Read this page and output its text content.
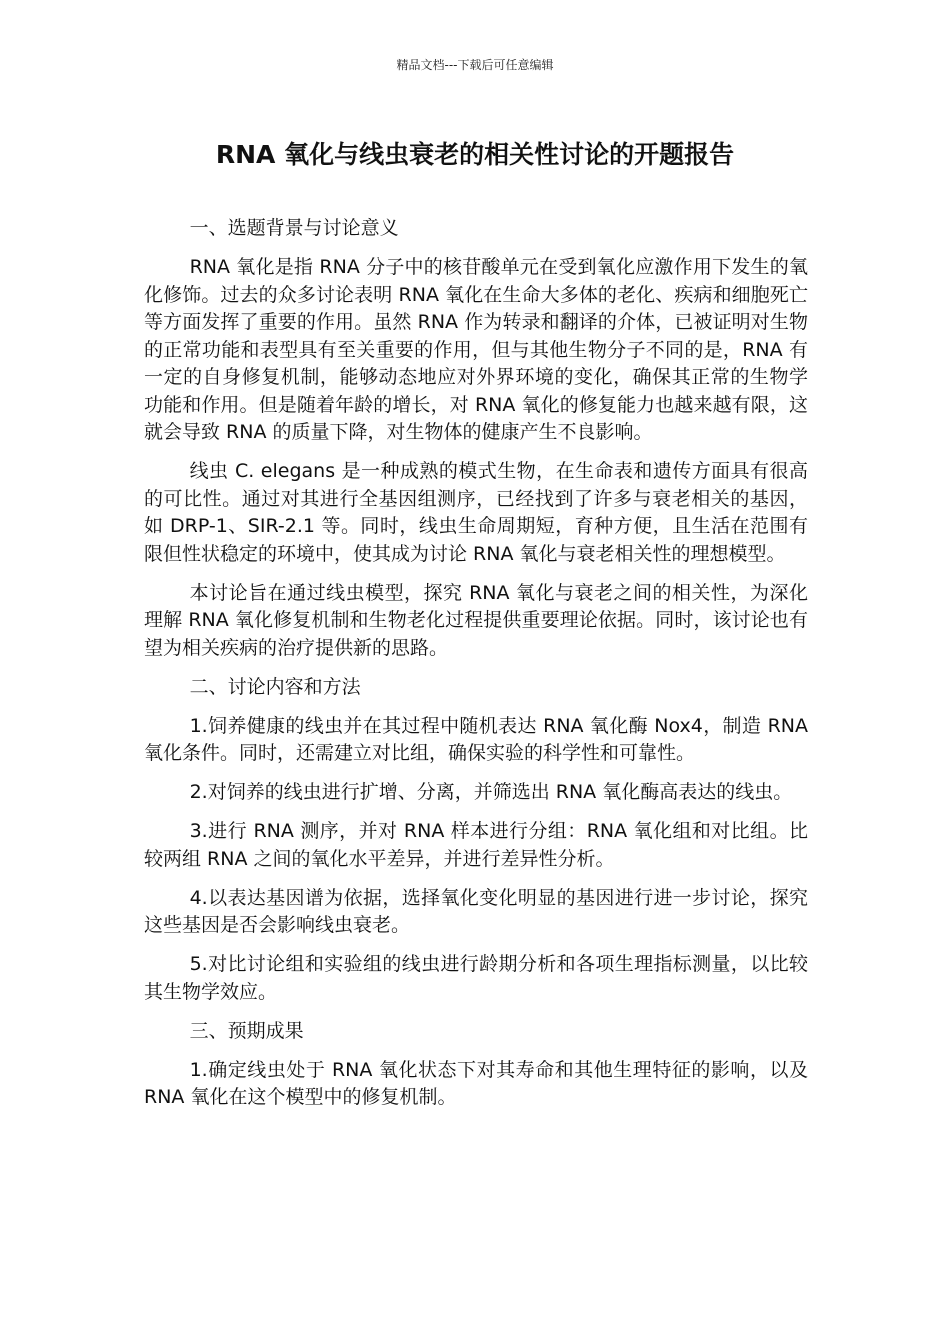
精品文档---下载后可任意编辑
RNA 氧化与线虫衰老的相关性讨论的开题报告
一、选题背景与讨论意义

RNA 氧化是指 RNA 分子中的核苷酸单元在受到氧化应激作用下发生的氧化修饰。过去的众多讨论表明 RNA 氧化在生命大多体的老化、疾病和细胞死亡等方面发挥了重要的作用。虽然 RNA 作为转录和翻译的介体，已被证明对生物的正常功能和表型具有至关重要的作用，但与其他生物分子不同的是，RNA 有一定的自身修复机制，能够动态地应对外界环境的变化，确保其正常的生物学功能和作用。但是随着年龄的增长，对 RNA 氧化的修复能力也越来越有限，这就会导致 RNA 的质量下降，对生物体的健康产生不良影响。

线虫 C. elegans 是一种成熟的模式生物，在生命表和遗传方面具有很高的可比性。通过对其进行全基因组测序，已经找到了许多与衰老相关的基因，如 DRP-1、SIR-2.1 等。同时，线虫生命周期短，育种方便，且生活在范围有限但性状稳定的环境中，使其成为讨论 RNA 氧化与衰老相关性的理想模型。

本讨论旨在通过线虫模型，探究 RNA 氧化与衰老之间的相关性，为深化理解 RNA 氧化修复机制和生物老化过程提供重要理论依据。同时，该讨论也有望为相关疾病的治疗提供新的思路。

二、讨论内容和方法

1.饲养健康的线虫并在其过程中随机表达 RNA 氧化酶 Nox4，制造 RNA 氧化条件。同时，还需建立对比组，确保实验的科学性和可靠性。

2.对饲养的线虫进行扩增、分离，并筛选出 RNA 氧化酶高表达的线虫。

3.进行 RNA 测序，并对 RNA 样本进行分组：RNA 氧化组和对比组。比较两组 RNA 之间的氧化水平差异，并进行差异性分析。

4.以表达基因谱为依据，选择氧化变化明显的基因进行进一步讨论，探究这些基因是否会影响线虫衰老。

5.对比讨论组和实验组的线虫进行龄期分析和各项生理指标测量，以比较其生物学效应。

三、预期成果

1.确定线虫处于 RNA 氧化状态下对其寿命和其他生理特征的影响，以及 RNA 氧化在这个模型中的修复机制。
